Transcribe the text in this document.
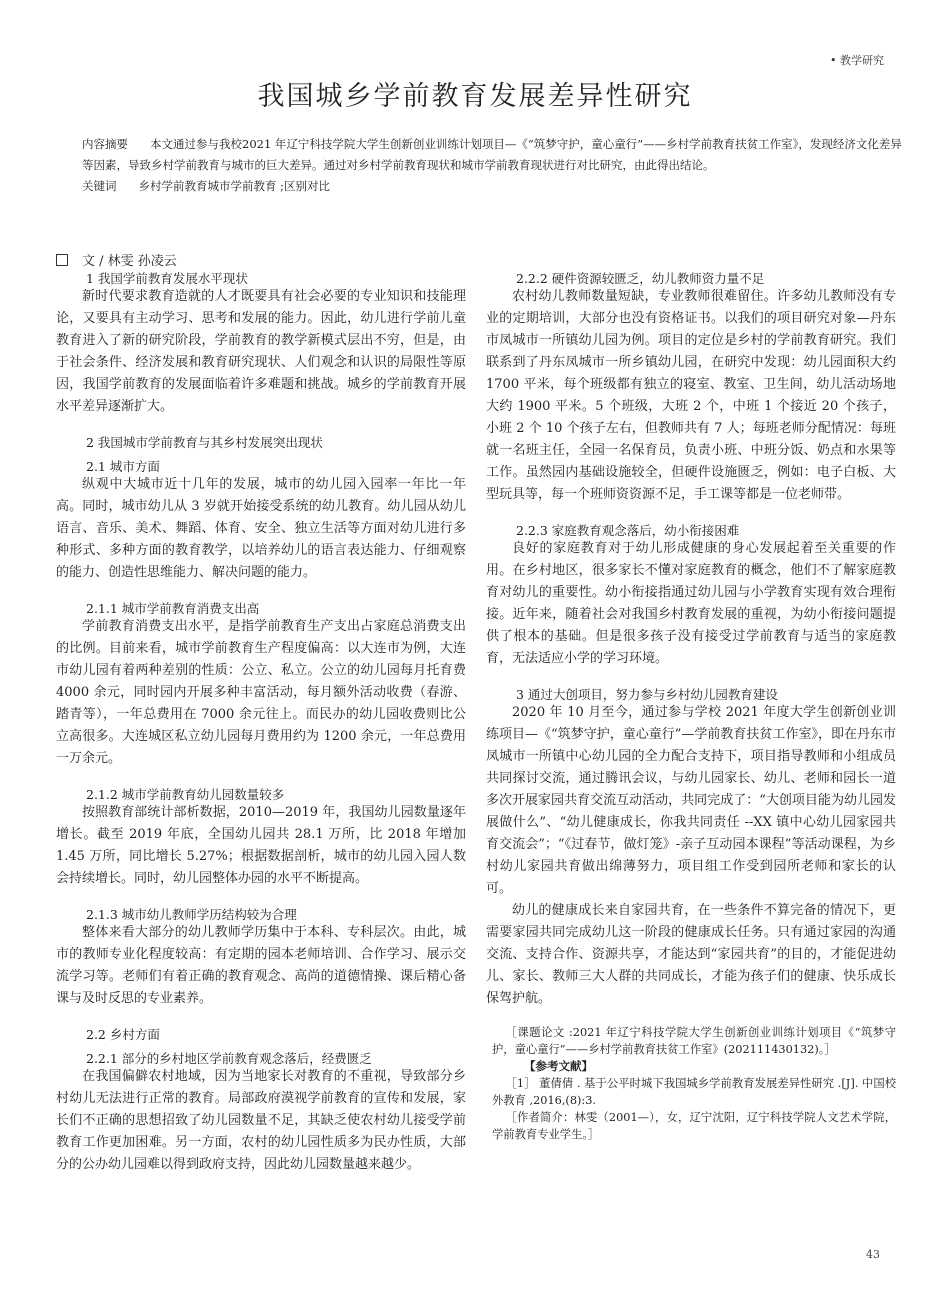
• 教学研究
我国城乡学前教育发展差异性研究

内容摘要 本文通过参与我校2021 年辽宁科技学院大学生创新创业训练计划项目—《“筑梦守护，童心童行”——乡村学前教育扶贫工作室》，发现经济文化差异等因素，导致乡村学前教育与城市的巨大差异。通过对乡村学前教育现状和城市学前教育现状进行对比研究，由此得出结论。

关键词 乡村学前教育城市学前教育 ;区别对比

文 / 林雯 孙凌云
1 我国学前教育发展水平现状

新时代要求教育造就的人才既要具有社会必要的专业知识和技能理论，又要具有主动学习、思考和发展的能力。因此，幼儿进行学前儿童教育进入了新的研究阶段，学前教育的教学新模式层出不穷，但是，由于社会条件、经济发展和教育研究现状、人们观念和认识的局限性等原因，我国学前教育的发展面临着许多难题和挑战。城乡的学前教育开展水平差异逐渐扩大。

2 我国城市学前教育与其乡村发展突出现状
2.1 城市方面

纵观中大城市近十几年的发展，城市的幼儿园入园率一年比一年高。同时，城市幼儿从 3 岁就开始接受系统的幼儿教育。幼儿园从幼儿语言、音乐、美术、舞蹈、体育、安全、独立生活等方面对幼儿进行多种形式、多种方面的教育教学，以培养幼儿的语言表达能力、仔细观察的能力、创造性思维能力、解决问题的能力。

2.1.1 城市学前教育消费支出高

学前教育消费支出水平，是指学前教育生产支出占家庭总消费支出的比例。目前来看，城市学前教育生产程度偏高：以大连市为例，大连市幼儿园有着两种差别的性质：公立、私立。公立的幼儿园每月托育费 4000 余元，同时园内开展多种丰富活动，每月额外活动收费（春游、踏青等），一年总费用在 7000 余元往上。而民办的幼儿园收费则比公立高很多。大连城区私立幼儿园每月费用约为 1200 余元，一年总费用一万余元。

2.1.2 城市学前教育幼儿园数量较多

按照教育部统计部析数据，2010—2019 年，我国幼儿园数量逐年增长。截至 2019 年底，全国幼儿园共 28.1 万所，比 2018 年增加 1.45 万所，同比增长 5.27%；根据数据剖析，城市的幼儿园入园人数会持续增长。同时，幼儿园整体办园的水平不断提高。

2.1.3 城市幼儿教师学历结构较为合理

整体来看大部分的幼儿教师学历集中于本科、专科层次。由此，城市的教师专业化程度较高：有定期的园本老师培训、合作学习、展示交流学习等。老师们有着正确的教育观念、高尚的道德情操、课后精心备课与及时反思的专业素养。

2.2 乡村方面
2.2.1 部分的乡村地区学前教育观念落后，经费匮乏

在我国偏僻农村地域，因为当地家长对教育的不重视，导致部分乡村幼儿无法进行正常的教育。局部政府漠视学前教育的宣传和发展，家长们不正确的思想招致了幼儿园数量不足，其缺乏使农村幼儿接受学前教育工作更加困难。另一方面，农村的幼儿园性质多为民办性质，大部分的公办幼儿园难以得到政府支持，因此幼儿园数量越来越少。

2.2.2 硬件资源较匮乏，幼儿教师资力量不足

农村幼儿教师数量短缺，专业教师很难留住。许多幼儿教师没有专业的定期培训，大部分也没有资格证书。以我们的项目研究对象—丹东市凤城市一所镇幼儿园为例。项目的定位是乡村的学前教育研究。我们联系到了丹东凤城市一所乡镇幼儿园，在研究中发现：幼儿园面积大约 1700 平米，每个班级都有独立的寝室、教室、卫生间，幼儿活动场地大约 1900 平米。5 个班级，大班 2 个，中班 1 个接近 20 个孩子，小班 2 个 10 个孩子左右，但教师共有 7 人；每班老师分配情况：每班就一名班主任，全园一名保育员，负责小班、中班分饭、奶点和水果等工作。虽然园内基础设施较全，但硬件设施匮乏，例如：电子白板、大型玩具等，每一个班师资资源不足，手工课等都是一位老师带。

2.2.3 家庭教育观念落后，幼小衔接困难

良好的家庭教育对于幼儿形成健康的身心发展起着至关重要的作用。在乡村地区，很多家长不懂对家庭教育的概念，他们不了解家庭教育对幼儿的重要性。幼小衔接指通过幼儿园与小学教育实现有效合理衔接。近年来，随着社会对我国乡村教育发展的重视，为幼小衔接问题提供了根本的基础。但是很多孩子没有接受过学前教育与适当的家庭教育，无法适应小学的学习环境。

3 通过大创项目，努力参与乡村幼儿园教育建设

2020 年 10 月至今，通过参与学校 2021 年度大学生创新创业训练项目—《“筑梦守护，童心童行”—学前教育扶贫工作室》，即在丹东市凤城市一所镇中心幼儿园的全力配合支持下，项目指导教师和小组成员共同探讨交流，通过腾讯会议，与幼儿园家长、幼儿、老师和园长一道多次开展家园共育交流互动活动，共同完成了：“大创项目能为幼儿园发展做什么”、“幼儿健康成长，你我共同责任 --XX 镇中心幼儿园家园共育交流会”；“《过春节，做灯笼》-亲子互动园本课程”等活动课程，为乡村幼儿家园共育做出绵薄努力，项目组工作受到园所老师和家长的认可。

幼儿的健康成长来自家园共育，在一些条件不算完备的情况下，更需要家园共同完成幼儿这一阶段的健康成长任务。只有通过家园的沟通交流、支持合作、资源共享，才能达到“家园共育”的目的，才能促进幼儿、家长、教师三大人群的共同成长，才能为孩子们的健康、快乐成长保驾护航。

［课题论文 :2021 年辽宁科技学院大学生创新创业训练计划项目《“筑梦守护，童心童行”——乡村学前教育扶贫工作室》(202111430132)。］

【参考文献】

［1］ 董倩倩 . 基于公平时城下我国城乡学前教育发展差异性研究 .[J]. 中国校外教育 ,2016,(8):3.

［作者简介：林雯（2001—），女，辽宁沈阳，辽宁科技学院人文艺术学院，学前教育专业学生。］

43
